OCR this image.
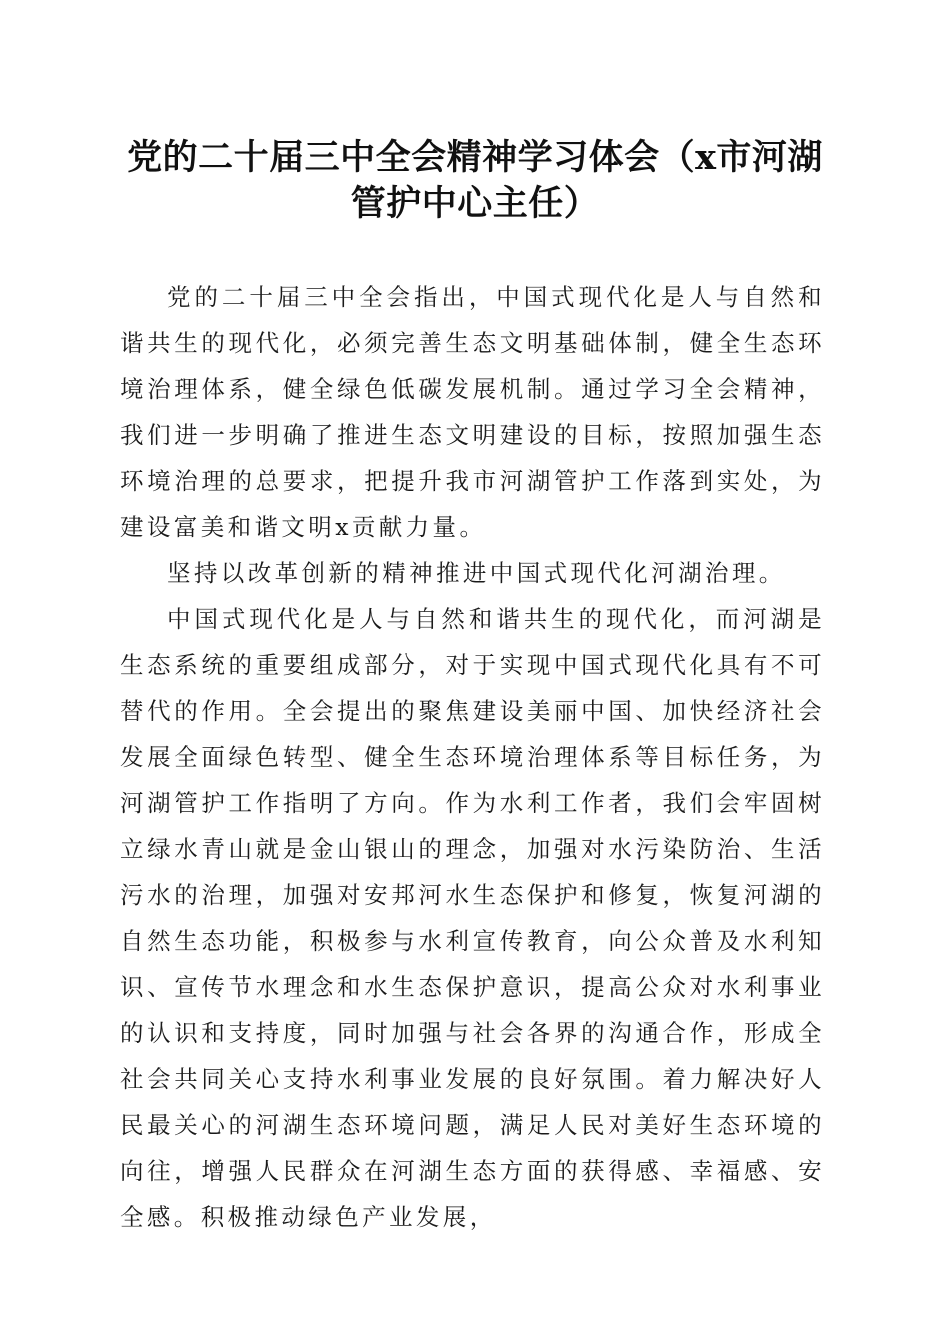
党的二十届三中全会精神学习体会（x市河湖管护中心主任）

党的二十届三中全会指出，中国式现代化是人与自然和谐共生的现代化，必须完善生态文明基础体制，健全生态环境治理体系，健全绿色低碳发展机制。通过学习全会精神，我们进一步明确了推进生态文明建设的目标，按照加强生态环境治理的总要求，把提升我市河湖管护工作落到实处，为建设富美和谐文明x贡献力量。

坚持以改革创新的精神推进中国式现代化河湖治理。

中国式现代化是人与自然和谐共生的现代化，而河湖是生态系统的重要组成部分，对于实现中国式现代化具有不可替代的作用。全会提出的聚焦建设美丽中国、加快经济社会发展全面绿色转型、健全生态环境治理体系等目标任务，为河湖管护工作指明了方向。作为水利工作者，我们会牢固树立绿水青山就是金山银山的理念，加强对水污染防治、生活污水的治理，加强对安邦河水生态保护和修复，恢复河湖的自然生态功能，积极参与水利宣传教育，向公众普及水利知识、宣传节水理念和水生态保护意识，提高公众对水利事业的认识和支持度，同时加强与社会各界的沟通合作，形成全社会共同关心支持水利事业发展的良好氛围。着力解决好人民最关心的河湖生态环境问题，满足人民对美好生态环境的向往，增强人民群众在河湖生态方面的获得感、幸福感、安全感。积极推动绿色产业发展，
